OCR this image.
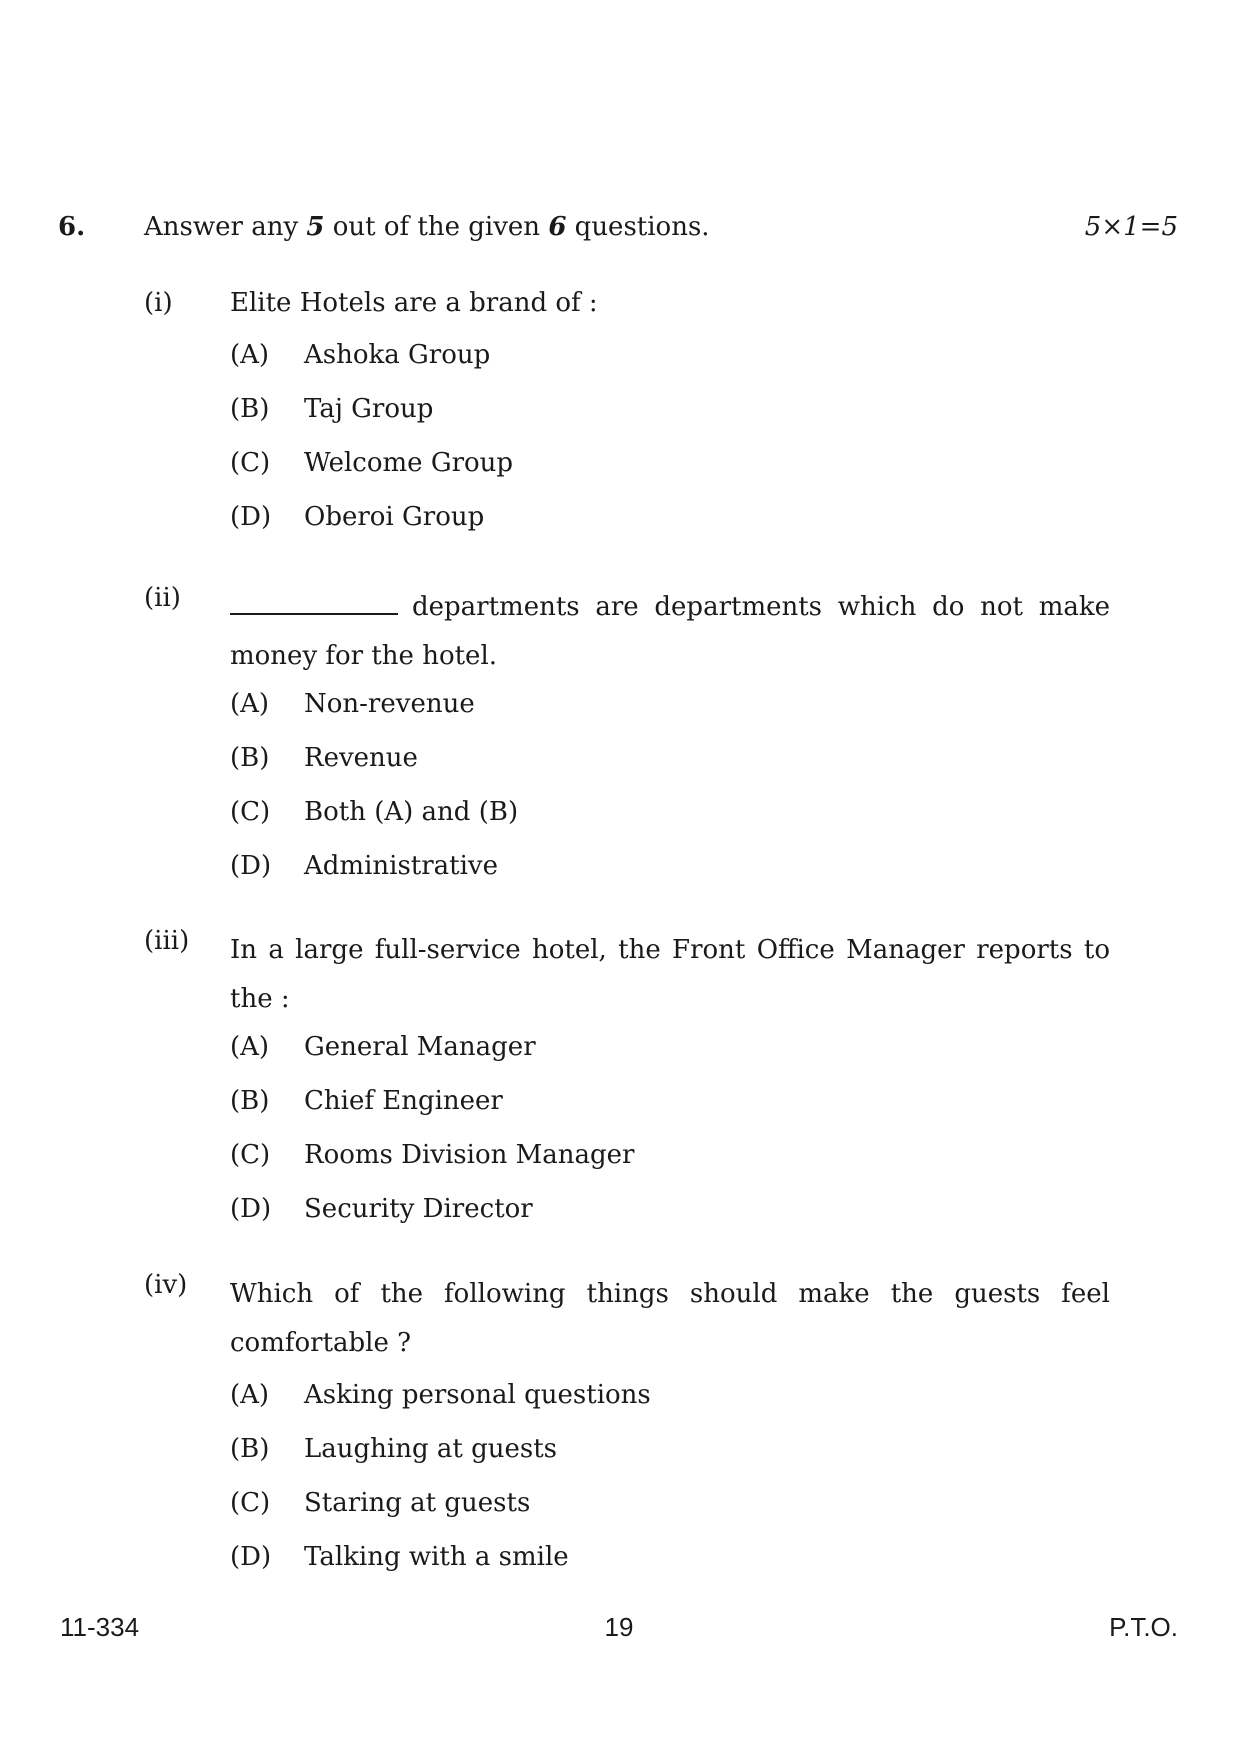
6. Answer any 5 out of the given 6 questions.	5×1=5
(i) Elite Hotels are a brand of :
(A) Ashoka Group
(B) Taj Group
(C) Welcome Group
(D) Oberoi Group
(ii)	departments are departments which do not make money for the hotel.
(A) Non-revenue
(B) Revenue
(C) Both (A) and (B)
(D) Administrative
(iii) In a large full-service hotel, the Front Office Manager reports to the :
(A) General Manager
(B) Chief Engineer
(C) Rooms Division Manager
(D) Security Director
(iv) Which of the following things should make the guests feel comfortable ?
(A) Asking personal questions
(B) Laughing at guests
(C) Staring at guests
(D) Talking with a smile
11-334	19	P.T.O.
